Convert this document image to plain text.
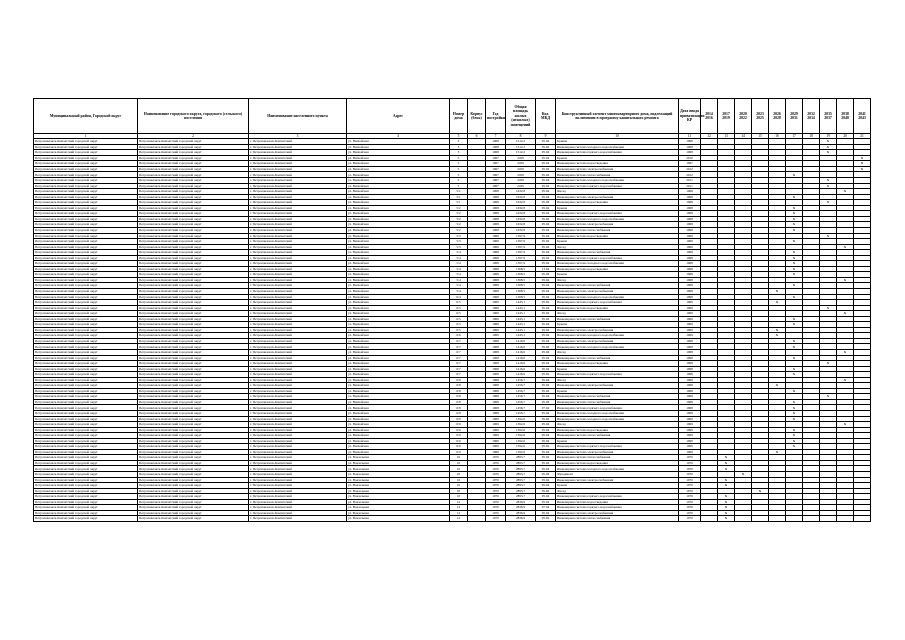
Муниципальный район, Городской округ	Наименование городского округа, городского (сельского) поселения	Наименование населенного пункта	Адрес	Номер дома	Корпус (блок)	Год постройки	Общая площадь жилых (нежилых) помещений	Кол. МКД	Конструктивный элемент многоквартирного дома, подлежащий включению в программу капитального ремонта	Дата ввода приватизации КР	2014 2016	2017 2019	2020 2022	2023 2025	2026 2028	2029 2031	2032 2034	2035 2037	2038 2040	2041 2043
1	2	3	4	5	6	7	8	9	10	11	12	13	14	15	16	17	18	19	20	21
Петропавловск-Камчатский городской округ	Петропавловск-Камчатский городской округ	г. Петропавловск-Камчатский	ул. Вилюйская	3		1968	1512,2	05.04	Крыша	1968								X		
Петропавловск-Камчатский городской округ	Петропавловск-Камчатский городской округ	г. Петропавловск-Камчатский	ул. Вилюйская	3		1968	1512,2	05.04	Инженерная система холодного водоснабжения	1968								X		
Петропавловск-Камчатский городской округ	Петропавловск-Камчатский городской округ	г. Петропавловск-Камчатский	ул. Вилюйская	3		1968	1512,2	05.04	Инженерная система горячего водоснабжения	1968								X		
Петропавловск-Камчатский городской округ	Петропавловск-Камчатский городской округ	г. Петропавловск-Камчатский	ул. Вилюйская	5		1967	2459	05.04	Крыша	2010										X
Петропавловск-Камчатский городской округ	Петропавловск-Камчатский городской округ	г. Петропавловск-Камчатский	ул. Вилюйская	5		1967	2459	05.04	Инженерная система водоотведения	1967										X
Петропавловск-Камчатский городской округ	Петропавловск-Камчатский городской округ	г. Петропавловск-Камчатский	ул. Вилюйская	5		1967	2459	05.04	Инженерная система электроснабжения	2012										X
Петропавловск-Камчатский городской округ	Петропавловск-Камчатский городской округ	г. Петропавловск-Камчатский	ул. Вилюйская	5		1967	2459	05.04	Инженерная система теплоснабжения	2012						X				
Петропавловск-Камчатский городской округ	Петропавловск-Камчатский городской округ	г. Петропавловск-Камчатский	ул. Вилюйская	5		1967	2459	05.04	Инженерная система холодного водоснабжения	2011								X		
Петропавловск-Камчатский городской округ	Петропавловск-Камчатский городской округ	г. Петропавловск-Камчатский	ул. Вилюйская	5		1967	2459	05.04	Инженерная система горячего водоснабжения	2011								X		
Петропавловск-Камчатский городской округ	Петропавловск-Камчатский городской округ	г. Петропавловск-Камчатский	ул. Вилюйская	5/1		1968	1632,8	05.04	Фасад	1968									X	
Петропавловск-Камчатский городской округ	Петропавловск-Камчатский городской округ	г. Петропавловск-Камчатский	ул. Вилюйская	5/1		1968	1632,8	05.04	Инженерная система электроснабжения	1968						X				
Петропавловск-Камчатский городской округ	Петропавловск-Камчатский городской округ	г. Петропавловск-Камчатский	ул. Вилюйская	5/1		1968	1632,8	05.04	Инженерная система водоотведения	1968								X		
Петропавловск-Камчатский городской округ	Петропавловск-Камчатский городской округ	г. Петропавловск-Камчатский	ул. Вилюйская	5/2		1968	1632,8	05.04	Крыша	1968						X				
Петропавловск-Камчатский городской округ	Петропавловск-Камчатский городской округ	г. Петропавловск-Камчатский	ул. Вилюйская	5/2		1968	1632,8	05.04	Инженерная система горячего водоснабжения	1968						X				
Петропавловск-Камчатский городской округ	Петропавловск-Камчатский городской округ	г. Петропавловск-Камчатский	ул. Вилюйская	5/2		1968	1632,8	05.04	Инженерная система холодного водоснабжения	1968						X				
Петропавловск-Камчатский городской округ	Петропавловск-Камчатский городской округ	г. Петропавловск-Камчатский	ул. Вилюйская	5/2		1968	1632,8	05.04	Инженерная система электроснабжения	1968						X				
Петропавловск-Камчатский городской округ	Петропавловск-Камчатский городской округ	г. Петропавловск-Камчатский	ул. Вилюйская	5/2		1968	1632,8	05.04	Инженерная система теплоснабжения	1968						X				
Петропавловск-Камчатский городской округ	Петропавловск-Камчатский городской округ	г. Петропавловск-Камчатский	ул. Вилюйская	5/3		1969	1397,9	05.04	Инженерная система водоотведения	1969								X		
Петропавловск-Камчатский городской округ	Петропавловск-Камчатский городской округ	г. Петропавловск-Камчатский	ул. Вилюйская	5/3		1969	1397,9	05.04	Крыша	1969						X				
Петропавловск-Камчатский городской округ	Петропавловск-Камчатский городской округ	г. Петропавловск-Камчатский	ул. Вилюйская	5/3		1969	1397,9	05.04	Фасад	1969									X	
Петропавловск-Камчатский городской округ	Петропавловск-Камчатский городской округ	г. Петропавловск-Камчатский	ул. Вилюйская	5/4		1968	1397,9	05.04	Инженерная система теплоснабжения	1968						X				
Петропавловск-Камчатский городской округ	Петропавловск-Камчатский городской округ	г. Петропавловск-Камчатский	ул. Вилюйская	5/4		1968	1397,9	05.04	Инженерная система горячего водоснабжения	1968						X				
Петропавловск-Камчатский городской округ	Петропавловск-Камчатский городской округ	г. Петропавловск-Камчатский	ул. Вилюйская	5/4		1968	1397,9	05.04	Инженерная система холодного водоснабжения	1968						X				
Петропавловск-Камчатский городской округ	Петропавловск-Камчатский городской округ	г. Петропавловск-Камчатский	ул. Вилюйская	5/4		1968	1368,5	13.04	Инженерная система водоотведения	1968						X				
Петропавловск-Камчатский городской округ	Петропавловск-Камчатский городской округ	г. Петропавловск-Камчатский	ул. Вилюйская	5/4		1968	1368,5	05.04	Крыша	1968						X				
Петропавловск-Камчатский городской округ	Петропавловск-Камчатский городской округ	г. Петропавловск-Камчатский	ул. Вилюйская	5/4		1968	1368,5	05.04	Фасад	1968									X	
Петропавловск-Камчатский городской округ	Петропавловск-Камчатский городской округ	г. Петропавловск-Камчатский	ул. Вилюйская	5/4		1968	1368,5	05.04	Инженерная система теплоснабжения	1968						X				
Петропавловск-Камчатский городской округ	Петропавловск-Камчатский городской округ	г. Петропавловск-Камчатский	ул. Вилюйская	5/4		1968	1368,5	05.04	Инженерная система электроснабжения	1968					X					
Петропавловск-Камчатский городской округ	Петропавловск-Камчатский городской округ	г. Петропавловск-Камчатский	ул. Вилюйская	6/4		1968	1368,5	05.04	Инженерная система холодного водоснабжения	1968						X				
Петропавловск-Камчатский городской округ	Петропавловск-Камчатский городской округ	г. Петропавловск-Камчатский	ул. Вилюйская	6/5		1969	1443,1	05.04	Инженерная система горячего водоснабжения	1969					X					
Петропавловск-Камчатский городской округ	Петропавловск-Камчатский городской округ	г. Петропавловск-Камчатский	ул. Вилюйская	6/5		1969	1443,1	05.04	Инженерная система водоотведения	1969								X		
Петропавловск-Камчатский городской округ	Петропавловск-Камчатский городской округ	г. Петропавловск-Камчатский	ул. Вилюйская	6/5		1969	1443,1	05.04	Фасад	1969									X	
Петропавловск-Камчатский городской округ	Петропавловск-Камчатский городской округ	г. Петропавловск-Камчатский	ул. Вилюйская	6/5		1969	1443,1	05.04	Инженерная система теплоснабжения	1969						X				
Петропавловск-Камчатский городской округ	Петропавловск-Камчатский городской округ	г. Петропавловск-Камчатский	ул. Вилюйская	6/5		1969	1443,1	05.04	Крыша	1969						X				
Петропавловск-Камчатский городской округ	Петропавловск-Камчатский городской округ	г. Петропавловск-Камчатский	ул. Вилюйская	6/5		1969	1443,1	05.04	Инженерная система электроснабжения	1969					X					
Петропавловск-Камчатский городской округ	Петропавловск-Камчатский городской округ	г. Петропавловск-Камчатский	ул. Вилюйская	6/6		1969	1443,1	05.04	Инженерная система холодного водоснабжения	1969					X					
Петропавловск-Камчатский городской округ	Петропавловск-Камчатский городской округ	г. Петропавловск-Камчатский	ул. Вилюйская	6/7		1968	1416,6	05.04	Инженерная система электроснабжения	1968						X				
Петропавловск-Камчатский городской округ	Петропавловск-Камчатский городской округ	г. Петропавловск-Камчатский	ул. Вилюйская	6/7		1968	1416,6	05.04	Инженерная система холодного водоснабжения	1968						X				
Петропавловск-Камчатский городской округ	Петропавловск-Камчатский городской округ	г. Петропавловск-Камчатский	ул. Вилюйская	6/7		1968	1416,6	05.04	Фасад	1968									X	
Петропавловск-Камчатский городской округ	Петропавловск-Камчатский городской округ	г. Петропавловск-Камчатский	ул. Вилюйская	6/7		1968	1416,6	05.04	Инженерная система теплоснабжения	1968						X				
Петропавловск-Камчатский городской округ	Петропавловск-Камчатский городской округ	г. Петропавловск-Камчатский	ул. Вилюйская	6/7		1968	1416,6	05.04	Инженерная система водоотведения	1968								X		
Петропавловск-Камчатский городской округ	Петропавловск-Камчатский городской округ	г. Петропавловск-Камчатский	ул. Вилюйская	6/7		1968	1416,6	05.04	Крыша	1968						X				
Петропавловск-Камчатский городской округ	Петропавловск-Камчатский городской округ	г. Петропавловск-Камчатский	ул. Вилюйская	6/7		1968	1416,6	05.04	Инженерная система горячего водоснабжения	1968						X				
Петропавловск-Камчатский городской округ	Петропавловск-Камчатский городской округ	г. Петропавловск-Камчатский	ул. Вилюйская	6/8		1968	1456,7	05.04	Фасад	1968									X	
Петропавловск-Камчатский городской округ	Петропавловск-Камчатский городской округ	г. Петропавловск-Камчатский	ул. Вилюйская	6/8		1968	1456,7	05.04	Инженерная система электроснабжения	1968					X					
Петропавловск-Камчатский городской округ	Петропавловск-Камчатский городской округ	г. Петропавловск-Камчатский	ул. Вилюйская	6/8		1968	1456,7	05.04	Крыша	1968						X				
Петропавловск-Камчатский городской округ	Петропавловск-Камчатский городской округ	г. Петропавловск-Камчатский	ул. Вилюйская	6/8		1968	1456,7	05.04	Инженерная система теплоснабжения	1968								X		
Петропавловск-Камчатский городской округ	Петропавловск-Камчатский городской округ	г. Петропавловск-Камчатский	ул. Вилюйская	6/8		1968	1456,7	05.04	Инженерная система теплоснабжения	1968						X				
Петропавловск-Камчатский городской округ	Петропавловск-Камчатский городской округ	г. Петропавловск-Камчатский	ул. Вилюйская	6/8		1968	1456,7	07.04	Инженерная система горячего водоснабжения	1968						X				
Петропавловск-Камчатский городской округ	Петропавловск-Камчатский городской округ	г. Петропавловск-Камчатский	ул. Вилюйская	6/8		1968	1456,7	05.04	Инженерная система холодного водоснабжения	1968						X				
Петропавловск-Камчатский городской округ	Петропавловск-Камчатский городской округ	г. Петропавловск-Камчатский	ул. Вилюйская	6/9		1969	1392,6	05.04	Инженерная система холодного водоснабжения	1969						X				
Петропавловск-Камчатский городской округ	Петропавловск-Камчатский городской округ	г. Петропавловск-Камчатский	ул. Вилюйская	6/9		1969	1392,6	05.04	Фасад	1969									X	
Петропавловск-Камчатский городской округ	Петропавловск-Камчатский городской округ	г. Петропавловск-Камчатский	ул. Вилюйская	6/9		1969	1392,6	05.04	Инженерная система водоотведения	1969						X				
Петропавловск-Камчатский городской округ	Петропавловск-Камчатский городской округ	г. Петропавловск-Камчатский	ул. Вилюйская	6/9		1969	1392,6	05.04	Инженерная система теплоснабжения	1969						X				
Петропавловск-Камчатский городской округ	Петропавловск-Камчатский городской округ	г. Петропавловск-Камчатский	ул. Вилюйская	6/9		1969	1392,6	05.04	Крыша	1969						X				
Петропавловск-Камчатский городской округ	Петропавловск-Камчатский городской округ	г. Петропавловск-Камчатский	ул. Вилюйская	6/9		1969	1392,6	05.04	Инженерная система горячего водоснабжения	1969						X				
Петропавловск-Камчатский городской округ	Петропавловск-Камчатский городской округ	г. Петропавловск-Камчатский	ул. Вилюйская	6/9		1969	1392,6	05.04	Инженерная система электроснабжения	1969					X					
Петропавловск-Камчатский городской округ	Петропавловск-Камчатский городской округ	г. Петропавловск-Камчатский	ул. Вокзальная	10		1970	2893,7	05.04	Инженерная система теплоснабжения	1970		X								
Петропавловск-Камчатский городской округ	Петропавловск-Камчатский городской округ	г. Петропавловск-Камчатский	ул. Вокзальная	10		1970	2893,7	05.04	Инженерная система водоотведения	1970		X								
Петропавловск-Камчатский городской округ	Петропавловск-Камчатский городской округ	г. Петропавловск-Камчатский	ул. Вокзальная	10		1970	2893,7	05.04	Инженерная система холодного водоснабжения	1970		X								
Петропавловск-Камчатский городской округ	Петропавловск-Камчатский городской округ	г. Петропавловск-Камчатский	ул. Вокзальная	10		1970	2893,7	05.04	Фундамент	1970			X							
Петропавловск-Камчатский городской округ	Петропавловск-Камчатский городской округ	г. Петропавловск-Камчатский	ул. Вокзальная	10		1970	2893,7	05.04	Инженерная система электроснабжения	1970		X								
Петропавловск-Камчатский городской округ	Петропавловск-Камчатский городской округ	г. Петропавловск-Камчатский	ул. Вокзальная	10		1970	2893,7	05.04	Крыша	1970		X								
Петропавловск-Камчатский городской округ	Петропавловск-Камчатский городской округ	г. Петропавловск-Камчатский	ул. Вокзальная	10		1970	2893,7	05.04	Фасад	1970				X						
Петропавловск-Камчатский городской округ	Петропавловск-Камчатский городской округ	г. Петропавловск-Камчатский	ул. Вокзальная	10		1970	2893,7	05.04	Инженерная система горячего водоснабжения	1970		X								
Петропавловск-Камчатский городской округ	Петропавловск-Камчатский городской округ	г. Петропавловск-Камчатский	ул. Вокзальная	12		1970	2836,9	05.04	Инженерная система водоотведения	1970		X								
Петропавловск-Камчатский городской округ	Петропавловск-Камчатский городской округ	г. Петропавловск-Камчатский	ул. Вокзальная	12		1970	2836,9	07.04	Инженерная система горячего водоснабжения	1970		X								
Петропавловск-Камчатский городской округ	Петропавловск-Камчатский городской округ	г. Петропавловск-Камчатский	ул. Вокзальная	12		1970	2836,9	05.04	Инженерная система электроснабжения	1970		X								
Петропавловск-Камчатский городской округ	Петропавловск-Камчатский городской округ	г. Петропавловск-Камчатский	ул. Вокзальная	12		1970	2836,9	05.04	Инженерная система теплоснабжения	1970		X								
